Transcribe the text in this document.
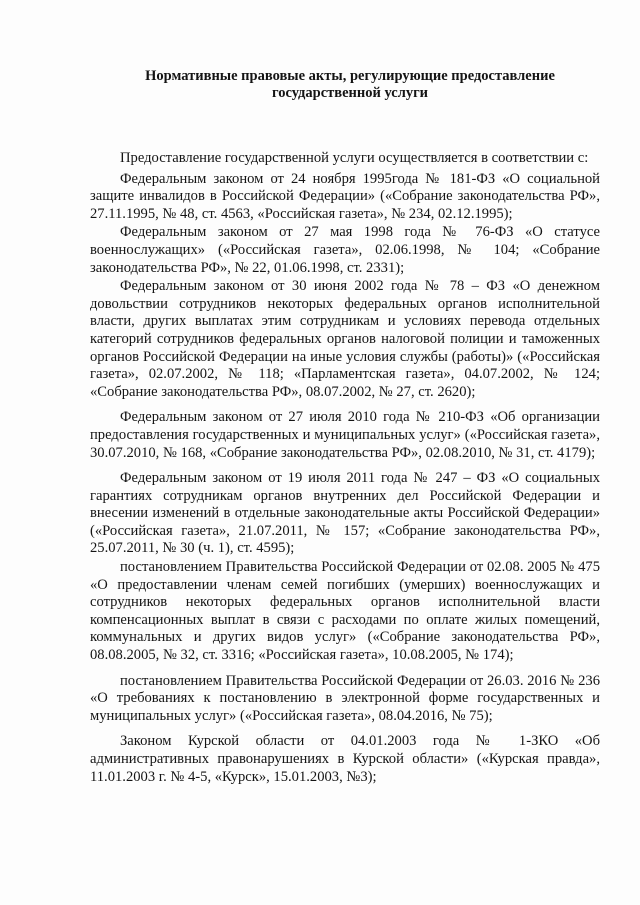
Нормативные правовые акты, регулирующие предоставление
государственной услуги

Предоставление государственной услуги осуществляется в соответствии с:

Федеральным законом от 24 ноября 1995года № 181-ФЗ «О социальной защите инвалидов в Российской Федерации» («Собрание законодательства РФ», 27.11.1995, № 48, ст. 4563, «Российская газета», № 234, 02.12.1995);

Федеральным законом от 27 мая 1998 года № 76-ФЗ «О статусе военнослужащих» («Российская газета», 02.06.1998, № 104; «Собрание законодательства РФ», № 22, 01.06.1998, ст. 2331);

Федеральным законом от 30 июня 2002 года № 78 – ФЗ «О денежном довольствии сотрудников некоторых федеральных органов исполнительной власти, других выплатах этим сотрудникам и условиях перевода отдельных категорий сотрудников федеральных органов налоговой полиции и таможенных органов Российской Федерации на иные условия службы (работы)» («Российская газета», 02.07.2002, № 118; «Парламентская газета», 04.07.2002, № 124; «Собрание законодательства РФ», 08.07.2002, № 27, ст. 2620);

Федеральным законом от 27 июля 2010 года № 210-ФЗ «Об организации предоставления государственных и муниципальных услуг» («Российская газета», 30.07.2010, № 168, «Собрание законодательства РФ», 02.08.2010, № 31, ст. 4179);

Федеральным законом от 19 июля 2011 года № 247 – ФЗ «О социальных гарантиях сотрудникам органов внутренних дел Российской Федерации и внесении изменений в отдельные законодательные акты Российской Федерации» («Российская газета», 21.07.2011, № 157; «Собрание законодательства РФ», 25.07.2011, № 30 (ч. 1), ст. 4595);

постановлением Правительства Российской Федерации от 02.08. 2005 № 475 «О предоставлении членам семей погибших (умерших) военнослужащих и сотрудников некоторых федеральных органов исполнительной власти компенсационных выплат в связи с расходами по оплате жилых помещений, коммунальных и других видов услуг» («Собрание законодательства РФ», 08.08.2005, № 32, ст. 3316; «Российская газета», 10.08.2005, № 174);

постановлением Правительства Российской Федерации от 26.03. 2016 № 236 «О требованиях к постановлению в электронной форме государственных и муниципальных услуг» («Российская газета», 08.04.2016, № 75);

Законом Курской области от 04.01.2003 года № 1-ЗКО «Об административных правонарушениях в Курской области» («Курская правда», 11.01.2003 г. № 4-5, «Курск», 15.01.2003, №3);
